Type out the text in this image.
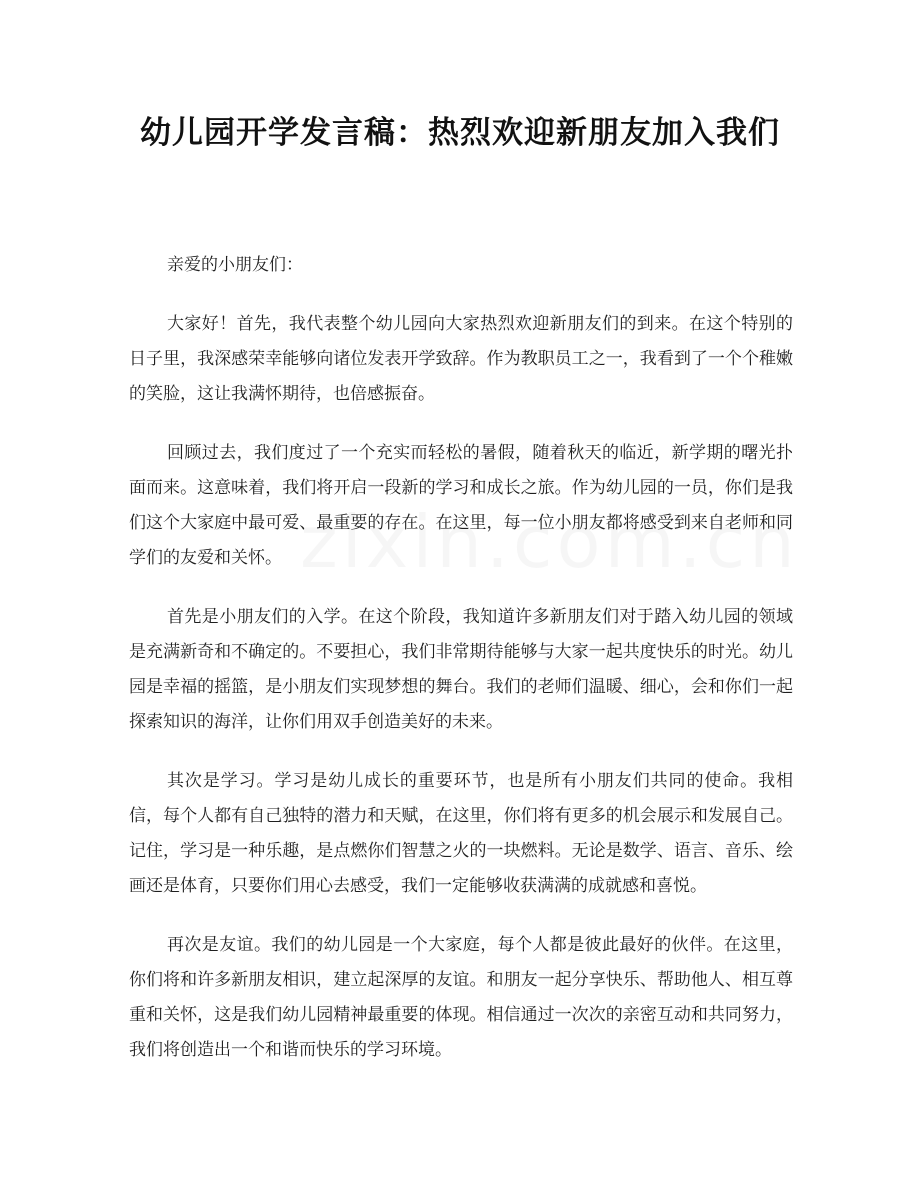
幼儿园开学发言稿：热烈欢迎新朋友加入我们

亲爱的小朋友们：

大家好！首先，我代表整个幼儿园向大家热烈欢迎新朋友们的到来。在这个特别的日子里，我深感荣幸能够向诸位发表开学致辞。作为教职员工之一，我看到了一个个稚嫩的笑脸，这让我满怀期待，也倍感振奋。

回顾过去，我们度过了一个充实而轻松的暑假，随着秋天的临近，新学期的曙光扑面而来。这意味着，我们将开启一段新的学习和成长之旅。作为幼儿园的一员，你们是我们这个大家庭中最可爱、最重要的存在。在这里，每一位小朋友都将感受到来自老师和同学们的友爱和关怀。

首先是小朋友们的入学。在这个阶段，我知道许多新朋友们对于踏入幼儿园的领域是充满新奇和不确定的。不要担心，我们非常期待能够与大家一起共度快乐的时光。幼儿园是幸福的摇篮，是小朋友们实现梦想的舞台。我们的老师们温暖、细心，会和你们一起探索知识的海洋，让你们用双手创造美好的未来。

其次是学习。学习是幼儿成长的重要环节，也是所有小朋友们共同的使命。我相信，每个人都有自己独特的潜力和天赋，在这里，你们将有更多的机会展示和发展自己。记住，学习是一种乐趣，是点燃你们智慧之火的一块燃料。无论是数学、语言、音乐、绘画还是体育，只要你们用心去感受，我们一定能够收获满满的成就感和喜悦。

再次是友谊。我们的幼儿园是一个大家庭，每个人都是彼此最好的伙伴。在这里，你们将和许多新朋友相识，建立起深厚的友谊。和朋友一起分享快乐、帮助他人、相互尊重和关怀，这是我们幼儿园精神最重要的体现。相信通过一次次的亲密互动和共同努力，我们将创造出一个和谐而快乐的学习环境。
